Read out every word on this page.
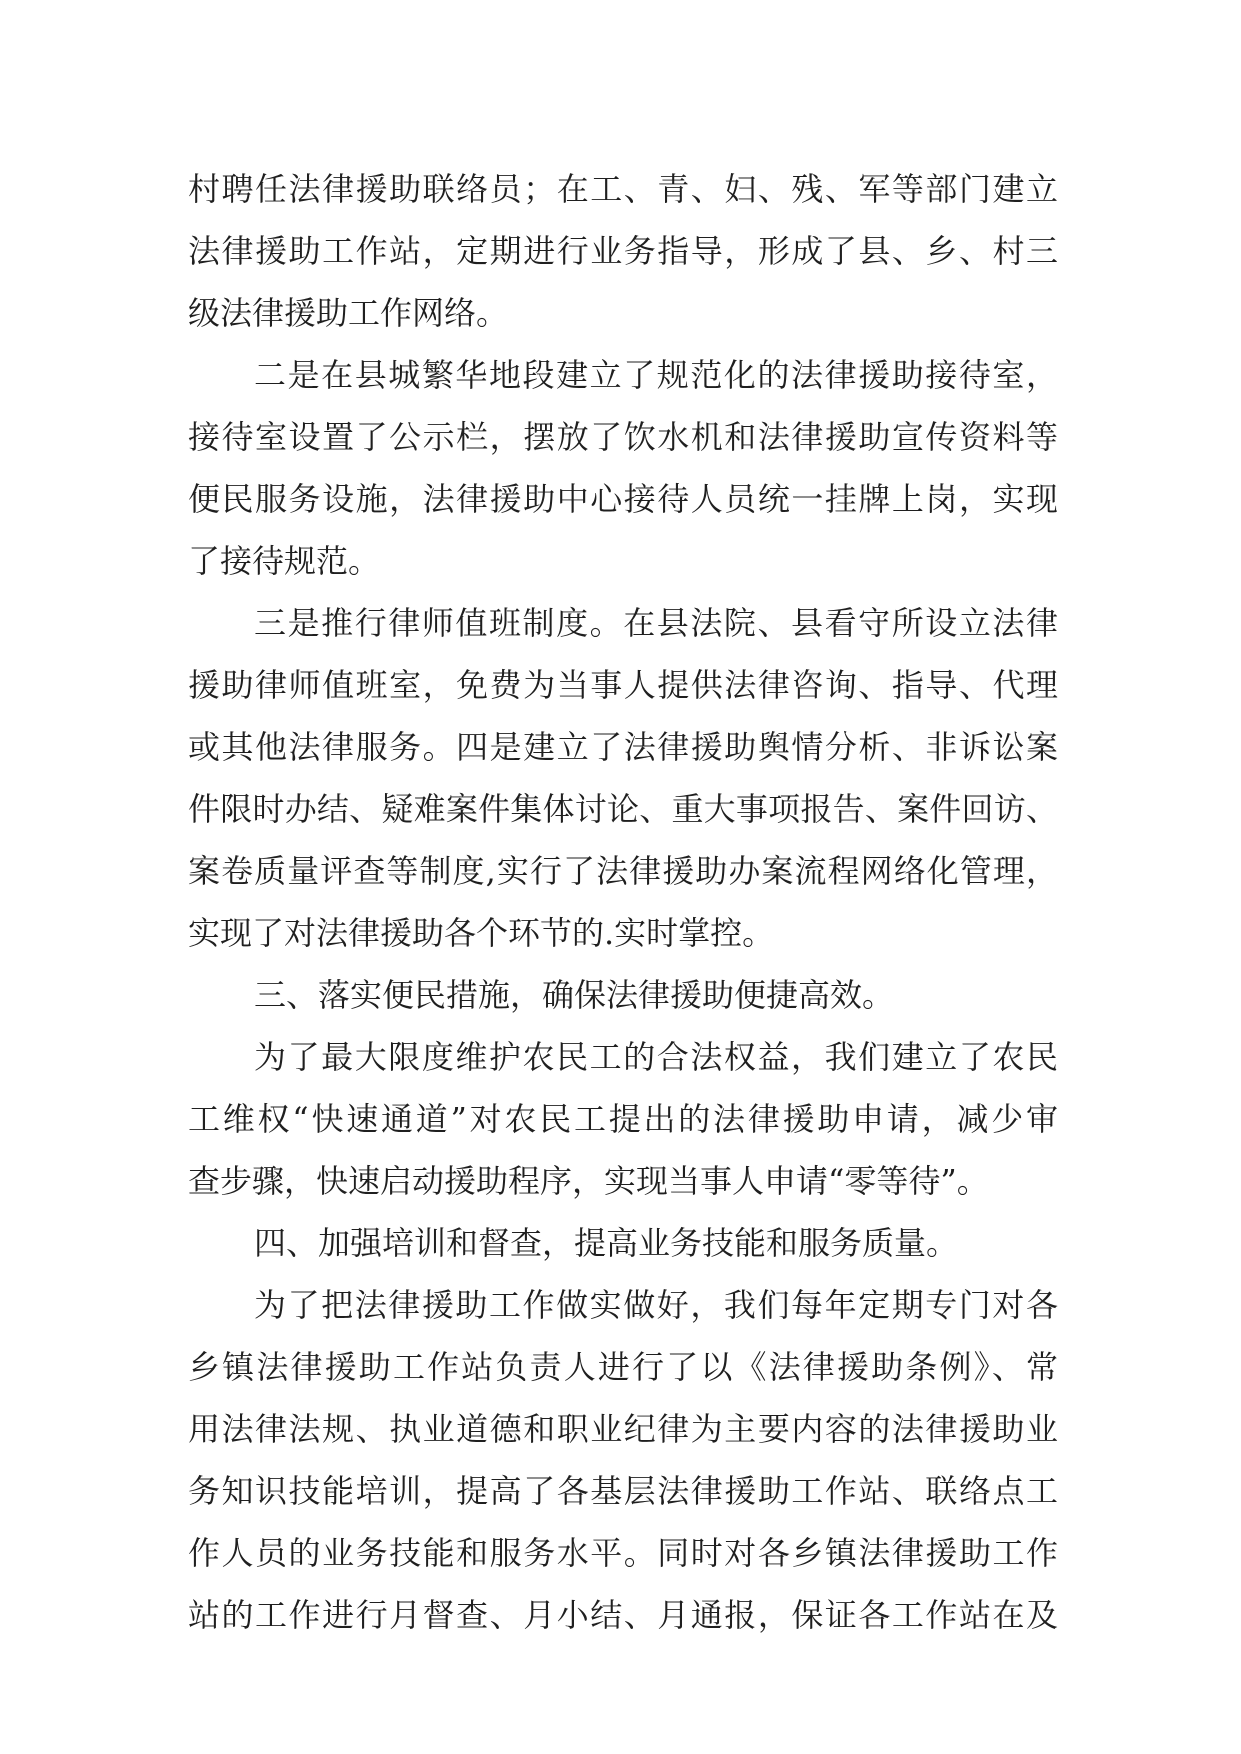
村聘任法律援助联络员；在工、青、妇、残、军等部门建立
法律援助工作站，定期进行业务指导，形成了县、乡、村三
级法律援助工作网络。
二是在县城繁华地段建立了规范化的法律援助接待室，
接待室设置了公示栏，摆放了饮水机和法律援助宣传资料等
便民服务设施，法律援助中心接待人员统一挂牌上岗，实现
了接待规范。
三是推行律师值班制度。在县法院、县看守所设立法律
援助律师值班室，免费为当事人提供法律咨询、指导、代理
或其他法律服务。四是建立了法律援助舆情分析、非诉讼案
件限时办结、疑难案件集体讨论、重大事项报告、案件回访、
案卷质量评查等制度,实行了法律援助办案流程网络化管理，
实现了对法律援助各个环节的.实时掌控。
三、落实便民措施，确保法律援助便捷高效。
为了最大限度维护农民工的合法权益，我们建立了农民
工维权“快速通道”对农民工提出的法律援助申请，减少审
查步骤，快速启动援助程序，实现当事人申请“零等待”。
四、加强培训和督查，提高业务技能和服务质量。
为了把法律援助工作做实做好，我们每年定期专门对各
乡镇法律援助工作站负责人进行了以《法律援助条例》、常
用法律法规、执业道德和职业纪律为主要内容的法律援助业
务知识技能培训，提高了各基层法律援助工作站、联络点工
作人员的业务技能和服务水平。同时对各乡镇法律援助工作
站的工作进行月督查、月小结、月通报，保证各工作站在及
